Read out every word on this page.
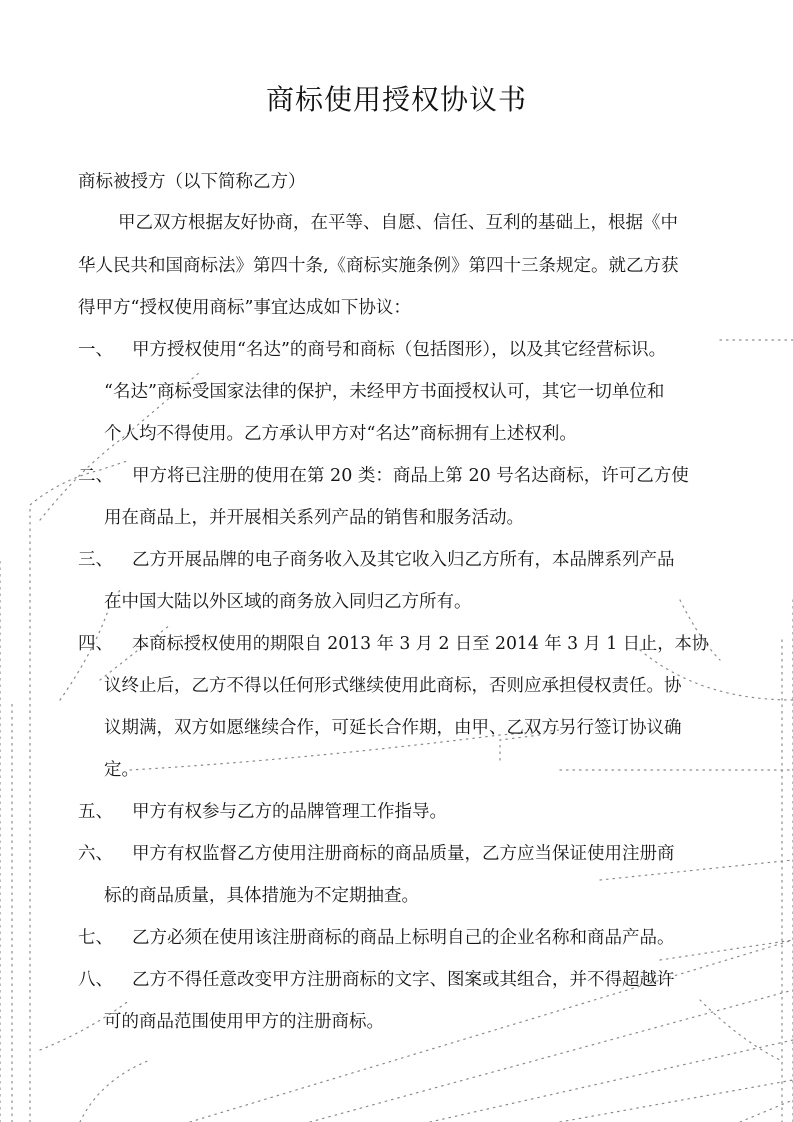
商标使用授权协议书
商标被授方（以下简称乙方）
甲乙双方根据友好协商，在平等、自愿、信任、互利的基础上，根据《中
华人民共和国商标法》第四十条,《商标实施条例》第四十三条规定。就乙方获
得甲方“授权使用商标”事宜达成如下协议：
一、 甲方授权使用“名达”的商号和商标（包括图形），以及其它经营标识。
“名达”商标受国家法律的保护，未经甲方书面授权认可，其它一切单位和
个人均不得使用。乙方承认甲方对“名达”商标拥有上述权利。
二、 甲方将已注册的使用在第 20 类：商品上第 20 号名达商标，许可乙方使
用在商品上，并开展相关系列产品的销售和服务活动。
三、 乙方开展品牌的电子商务收入及其它收入归乙方所有，本品牌系列产品
在中国大陆以外区域的商务放入同归乙方所有。
四、 本商标授权使用的期限自 2013 年 3 月 2 日至 2014 年 3 月 1 日止，本协
议终止后，乙方不得以任何形式继续使用此商标，否则应承担侵权责任。协
议期满，双方如愿继续合作，可延长合作期，由甲、乙双方另行签订协议确
定。
五、 甲方有权参与乙方的品牌管理工作指导。
六、 甲方有权监督乙方使用注册商标的商品质量，乙方应当保证使用注册商
标的商品质量，具体措施为不定期抽查。
七、 乙方必须在使用该注册商标的商品上标明自己的企业名称和商品产品。
八、 乙方不得任意改变甲方注册商标的文字、图案或其组合，并不得超越许
可的商品范围使用甲方的注册商标。
